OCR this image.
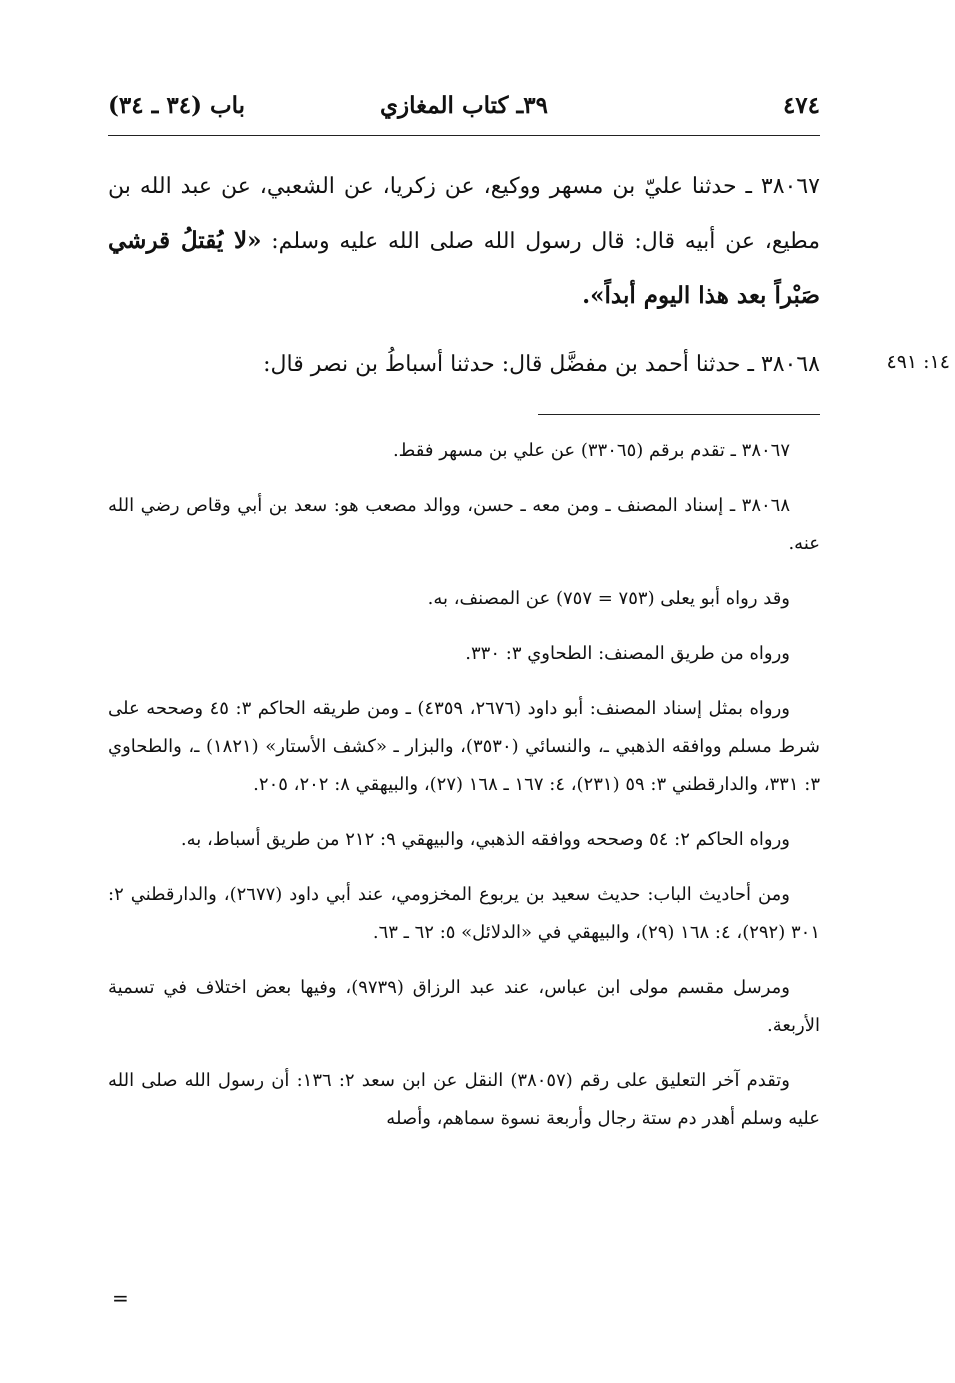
٤٧٤
٣٩ـ كتاب المغازي
باب (٣٤ ـ ٣٤)

٣٨٠٦٧ ـ حدثنا عليّ بن مسهر ووكيع، عن زكريا، عن الشعبي، عن عبد الله بن مطيع، عن أبيه قال: قال رسول الله صلى الله عليه وسلم: «لا يُقتلُ قرشي صَبْراً بعد هذا اليوم أبداً».

٣٨٠٦٨ ـ حدثنا أحمد بن مفضَّل قال: حدثنا أسباطُ بن نصر قال:	١٤: ٤٩١

٣٨٠٦٧ ـ تقدم برقم (٣٣٠٦٥) عن علي بن مسهر فقط.

٣٨٠٦٨ ـ إسناد المصنف ـ ومن معه ـ حسن، ووالد مصعب هو: سعد بن أبي وقاص رضي الله عنه.

وقد رواه أبو يعلى (٧٥٣ = ٧٥٧) عن المصنف، به.

ورواه من طريق المصنف: الطحاوي ٣: ٣٣٠.

ورواه بمثل إسناد المصنف: أبو داود (٢٦٧٦، ٤٣٥٩) ـ ومن طريقه الحاكم ٣: ٤٥ وصححه على شرط مسلم ووافقه الذهبي ـ، والنسائي (٣٥٣٠)، والبزار ـ «كشف الأستار» (١٨٢١) ـ، والطحاوي ٣: ٣٣١، والدارقطني ٣: ٥٩ (٢٣١)، ٤: ١٦٧ ـ ١٦٨ (٢٧)، والبيهقي ٨: ٢٠٢، ٢٠٥.

ورواه الحاكم ٢: ٥٤ وصححه ووافقه الذهبي، والبيهقي ٩: ٢١٢ من طريق أسباط، به.

ومن أحاديث الباب: حديث سعيد بن يربوع المخزومي، عند أبي داود (٢٦٧٧)، والدارقطني ٢: ٣٠١ (٢٩٢)، ٤: ١٦٨ (٢٩)، والبيهقي في «الدلائل» ٥: ٦٢ ـ ٦٣.

ومرسل مقسم مولى ابن عباس، عند عبد الرزاق (٩٧٣٩)، وفيها بعض اختلاف في تسمية الأربعة.

وتقدم آخر التعليق على رقم (٣٨٠٥٧) النقل عن ابن سعد ٢: ١٣٦: أن رسول الله صلى الله عليه وسلم أهدر دم ستة رجال وأربعة نسوة سماهم، وأصله

=
